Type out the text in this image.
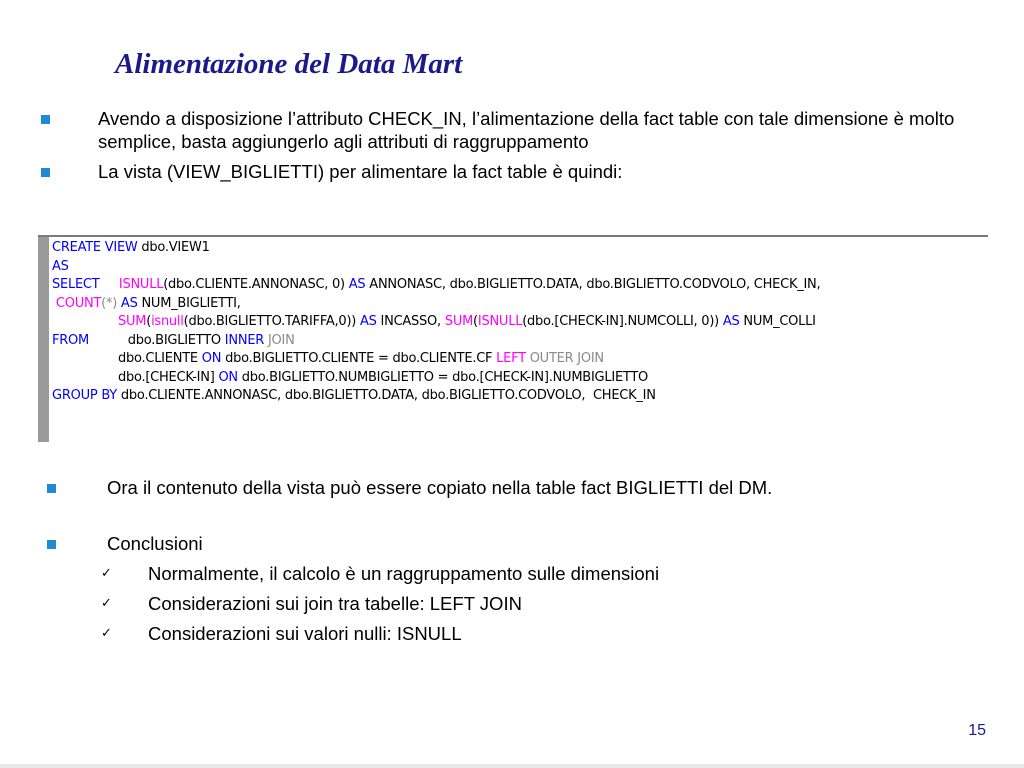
Alimentazione del Data Mart
Avendo a disposizione l’attributo CHECK_IN, l’alimentazione della fact table con tale dimensione è molto semplice, basta aggiungerlo agli attributi di raggruppamento
La vista (VIEW_BIGLIETTI) per alimentare la fact table è quindi:
CREATE VIEW dbo.VIEW1
AS
SELECT ISNULL(dbo.CLIENTE.ANNONASC, 0) AS ANNONASC, dbo.BIGLIETTO.DATA, dbo.BIGLIETTO.CODVOLO, CHECK_IN,
COUNT(*) AS NUM_BIGLIETTI,
SUM(isnull(dbo.BIGLIETTO.TARIFFA,0)) AS INCASSO, SUM(ISNULL(dbo.[CHECK-IN].NUMCOLLI, 0)) AS NUM_COLLI
FROM          dbo.BIGLIETTO INNER JOIN
dbo.CLIENTE ON dbo.BIGLIETTO.CLIENTE = dbo.CLIENTE.CF LEFT OUTER JOIN
dbo.[CHECK-IN] ON dbo.BIGLIETTO.NUMBIGLIETTO = dbo.[CHECK-IN].NUMBIGLIETTO
GROUP BY dbo.CLIENTE.ANNONASC, dbo.BIGLIETTO.DATA, dbo.BIGLIETTO.CODVOLO,  CHECK_IN
Ora il contenuto della vista può essere copiato nella table fact BIGLIETTI del DM.
Conclusioni
✓ Normalmente, il calcolo è un raggruppamento sulle dimensioni
✓ Considerazioni sui join tra tabelle: LEFT JOIN
✓ Considerazioni sui valori nulli: ISNULL
15
